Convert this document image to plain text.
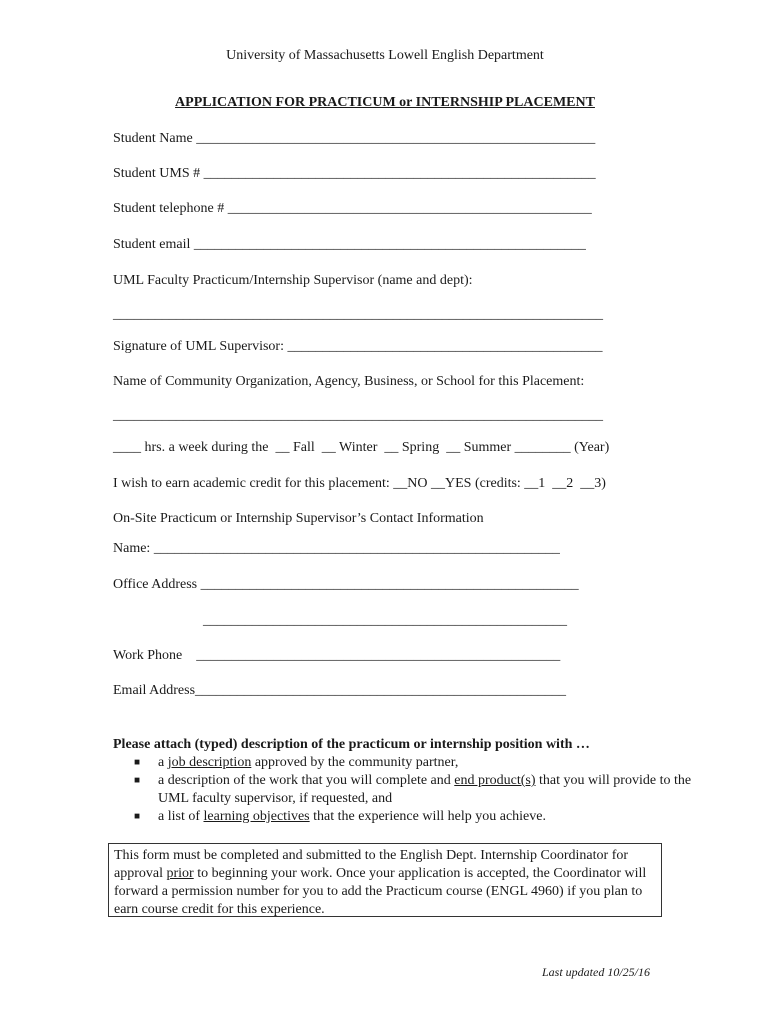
University of Massachusetts Lowell English Department
APPLICATION FOR PRACTICUM or INTERNSHIP PLACEMENT
Student Name _________________________________________________________
Student UMS # ________________________________________________________
Student telephone # ____________________________________________________
Student email ________________________________________________________
UML Faculty Practicum/Internship Supervisor (name and dept):
______________________________________________________________________
Signature of UML Supervisor: _____________________________________________
Name of Community Organization, Agency, Business, or School for this Placement:
______________________________________________________________________
____ hrs. a week during the  __ Fall  __ Winter  __ Spring  __ Summer ________ (Year)
I wish to earn academic credit for this placement: __NO __YES (credits: __1  __2  __3)
On-Site Practicum or Internship Supervisor’s Contact Information
Name: __________________________________________________________
Office Address ______________________________________________________
____________________________________________________
Work Phone    ____________________________________________________
Email Address_____________________________________________________
Please attach (typed) description of the practicum or internship position with …
■ a job description approved by the community partner,
■ a description of the work that you will complete and end product(s) that you will provide to the UML faculty supervisor, if requested, and
■ a list of learning objectives that the experience will help you achieve.
This form must be completed and submitted to the English Dept. Internship Coordinator for approval prior to beginning your work. Once your application is accepted, the Coordinator will forward a permission number for you to add the Practicum course (ENGL 4960) if you plan to earn course credit for this experience.
Last updated 10/25/16
